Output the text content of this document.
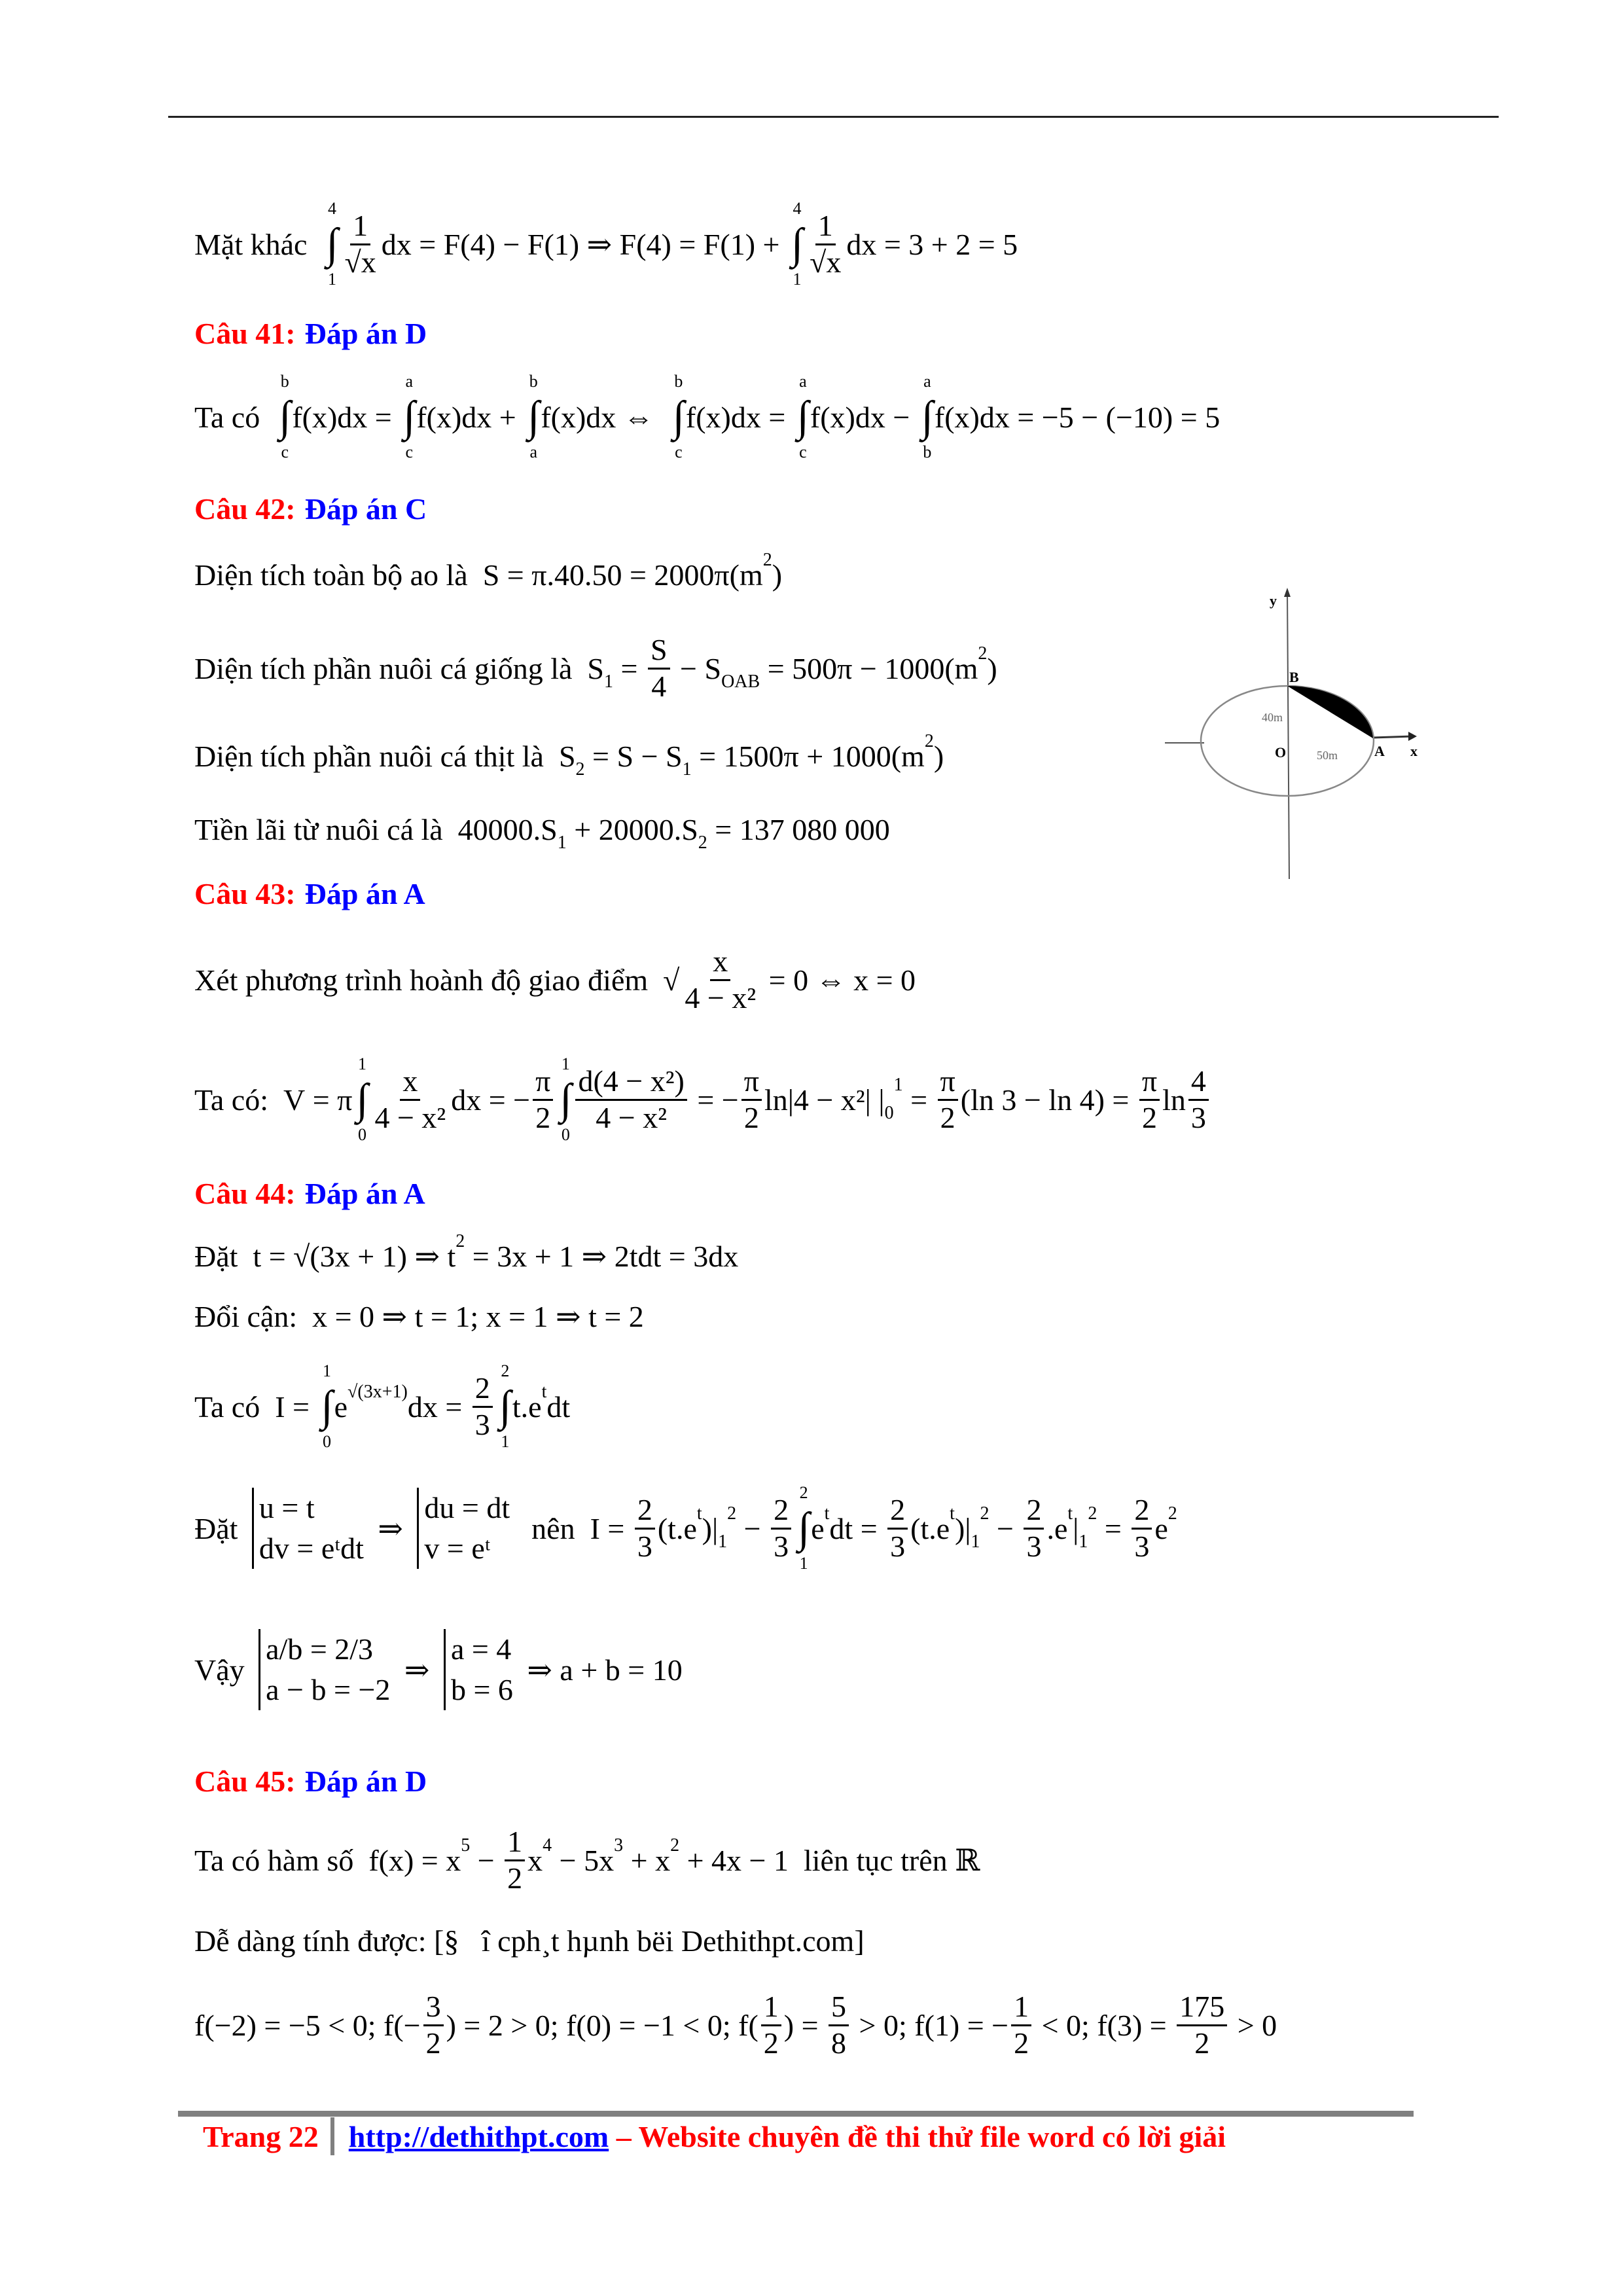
Mặt khác
4
∫
$1 \frac{1}{√x}$ dx = F(4) − F(1) ⇒ F(4) = F(1) +
4
∫
$1 \frac{1}{√x}$ dx = 3 + 2 = 5
Câu 41: Đáp án D
Ta có
b
∫
c
f(x)dx =
a
∫
c
f(x)dx +
b
∫
a
f(x)dx ⇔
b
∫
c
f(x)dx =
a
∫
c
f(x)dx −
a
∫
b
f(x)dx = −5 − (−10) = 5
Câu 42: Đáp án C
Diện tích toàn bộ ao là  S = π.40.50 = 2000π(m 2 )
Diện tích phần nuôi cá giống là  S $1 = \frac{S}{4} - S$ OAB = 500π − 1000(m 2 )
Diện tích phần nuôi cá thịt là  S 2 = S − S 1 = 1500π + 1000(m 2 )
Tiền lãi từ nuôi cá là  40000.S 1 + 20000.S 2 = 137 080 000
Câu 43: Đáp án A
Xét phương trình hoành độ giao điểm  √ $\frac{x}{\text{4 − x²}} = 0$ ⇔ x = 0
Ta có:  V = π
1
∫
$0 \frac{x}{\text{4 − x²}}$ dx = − $\frac{\pi}{2}$
1
∫
$0 \frac{\text{d(4 − x²)}}{\text{4 − x²}}$ = − $\frac{\pi}{2} \ln|4 - x^2|$ | 0
$1 = \frac{\pi}{2} (\ln$ $3 - \ln 4) = \frac{\pi}{2}$ $\ln \frac{4}{3}$
Câu 44: Đáp án A
Đặt  t = √(3x + 1) ⇒ t 2 = 3x + 1 ⇒ 2tdt = 3dx
Đổi cận:  x = 0 ⇒ t = 1; x = 1 ⇒ t = 2
Ta có  I =
1
∫
0
e √(3x+1) dx = $\frac{2}{3}$
2
∫
1
t.e t dt
Đặt
u = t
dv = eᵗdt
⇒
du = dt
v = eᵗ
nên  $I = \frac{2}{3} (t.e$ t )| 1
$2 - \frac{2}{3}$
2
∫
1
e t dt = $\frac{2}{3} (t.e$ t )| 1
$2 - \frac{2}{3} .e$ t | 1
$2 = \frac{2}{3}$ e 2
Vậy
a/b = 2/3
a − b = −2
⇒
a = 4
b = 6
⇒ a + b = 10
Câu 45: Đáp án D
Ta có hàm số  f(x) = x $5 - \frac{1}{2}$ x 4 − 5x 3 + x 2 + 4x − 1  liên tục trên ℝ
Dễ dàng tính được: [§   î cph¸t hµnh bëi Dethithpt.com]
f(−2) = −5 < 0; $f(- \frac{3}{2}$ ) = 2 > 0; f(0) = −1 < 0; $f( \frac{1}{2}$ ) = $\frac{5}{8} > 0$; f(1) = − $\frac{1}{2} < 0$; $f(3) = \frac{175}{2} > 0$
y
B
A x
O
40m
50m
Trang 22 http://dethithpt.com – Website chuyên đề thi thử file word có lời giải
